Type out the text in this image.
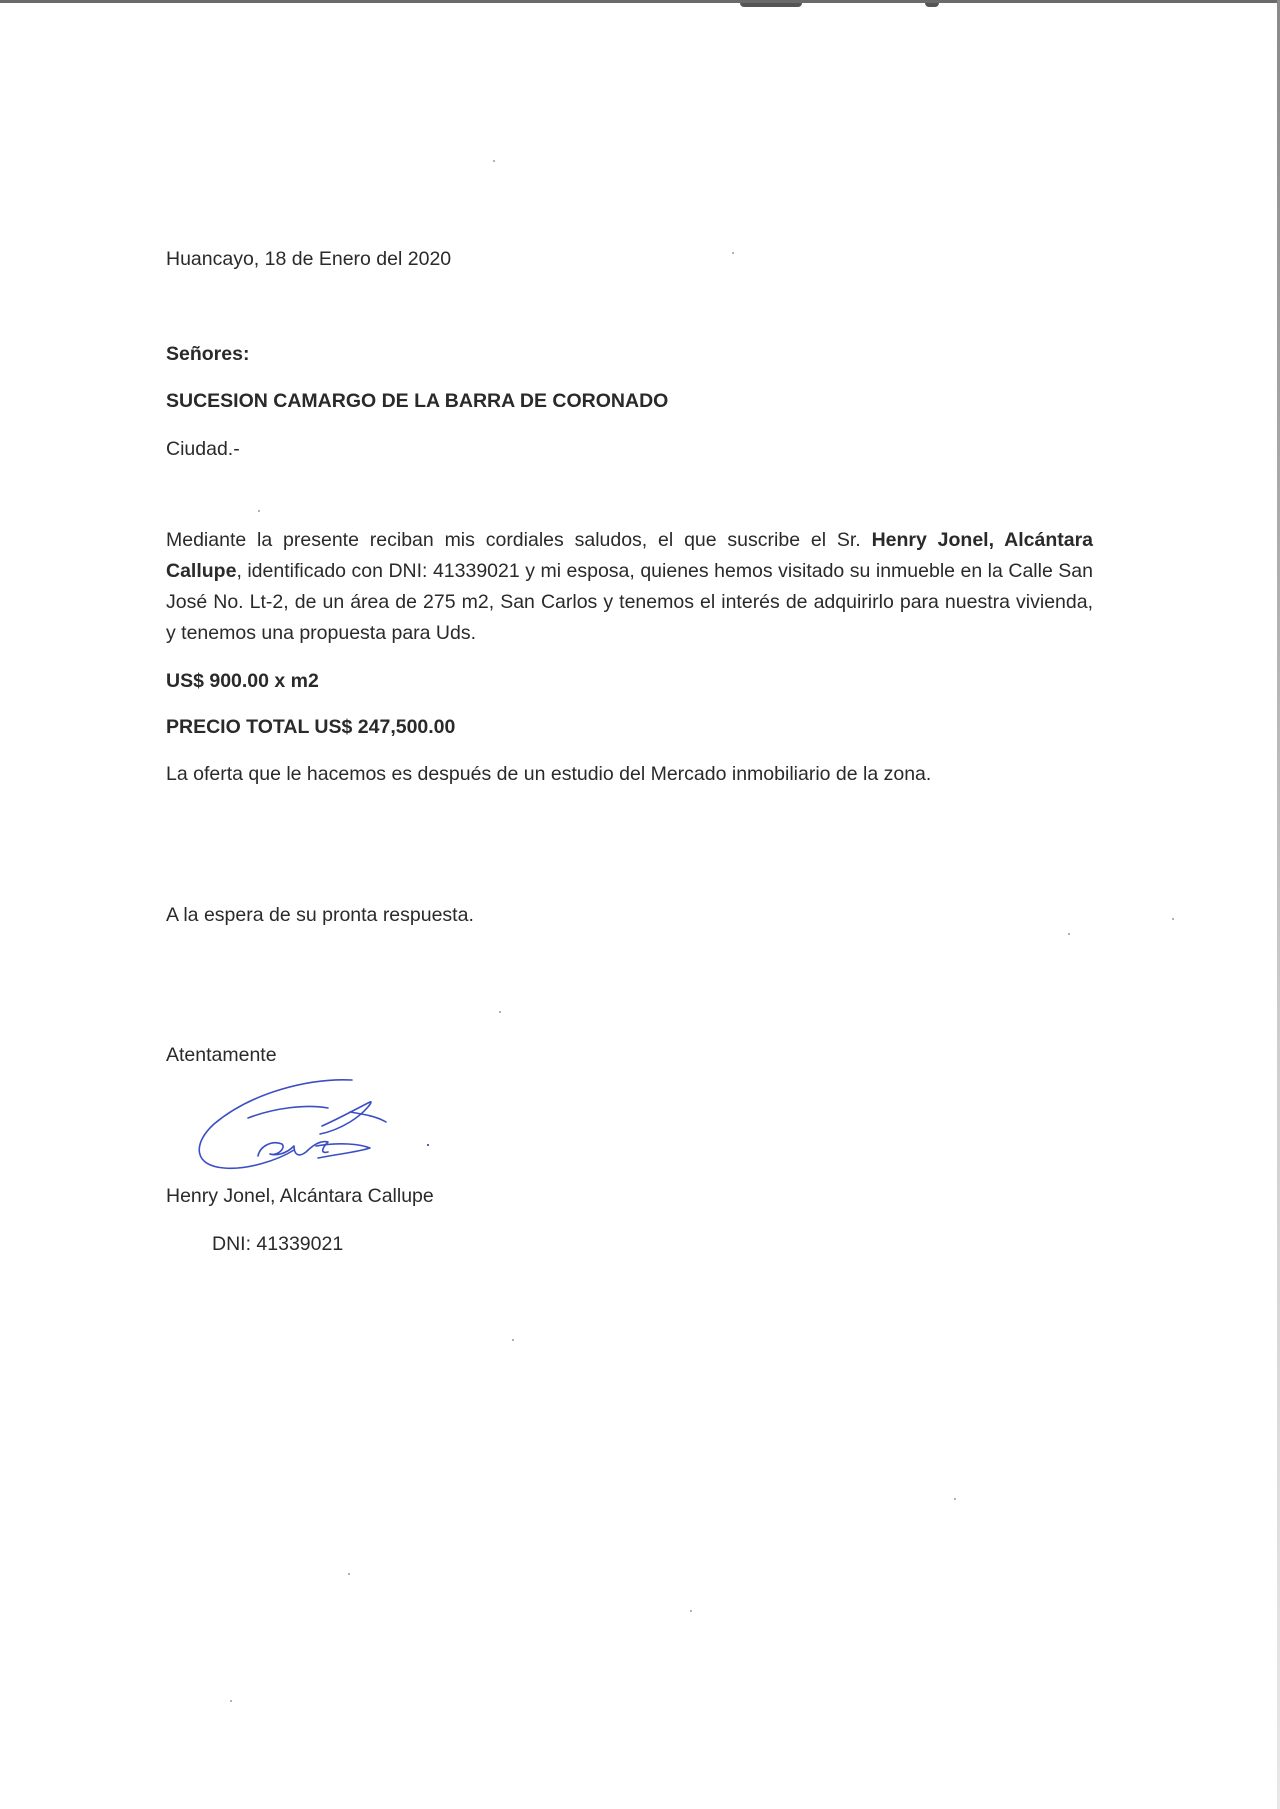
Huancayo, 18 de Enero del 2020

Señores:

SUCESION CAMARGO DE LA BARRA DE CORONADO

Ciudad.-

Mediante la presente reciban mis cordiales saludos, el que suscribe el Sr. Henry Jonel, Alcántara Callupe, identificado con DNI: 41339021 y mi esposa, quienes hemos visitado su inmueble en la Calle San José No. Lt-2, de un área de 275 m2, San Carlos y tenemos el interés de adquirirlo para nuestra vivienda, y tenemos una propuesta para Uds.

US$ 900.00 x m2

PRECIO TOTAL US$ 247,500.00

La oferta que le hacemos es después de un estudio del Mercado inmobiliario de la zona.

A la espera de su pronta respuesta.

Atentamente

Henry Jonel, Alcántara Callupe

DNI: 41339021
